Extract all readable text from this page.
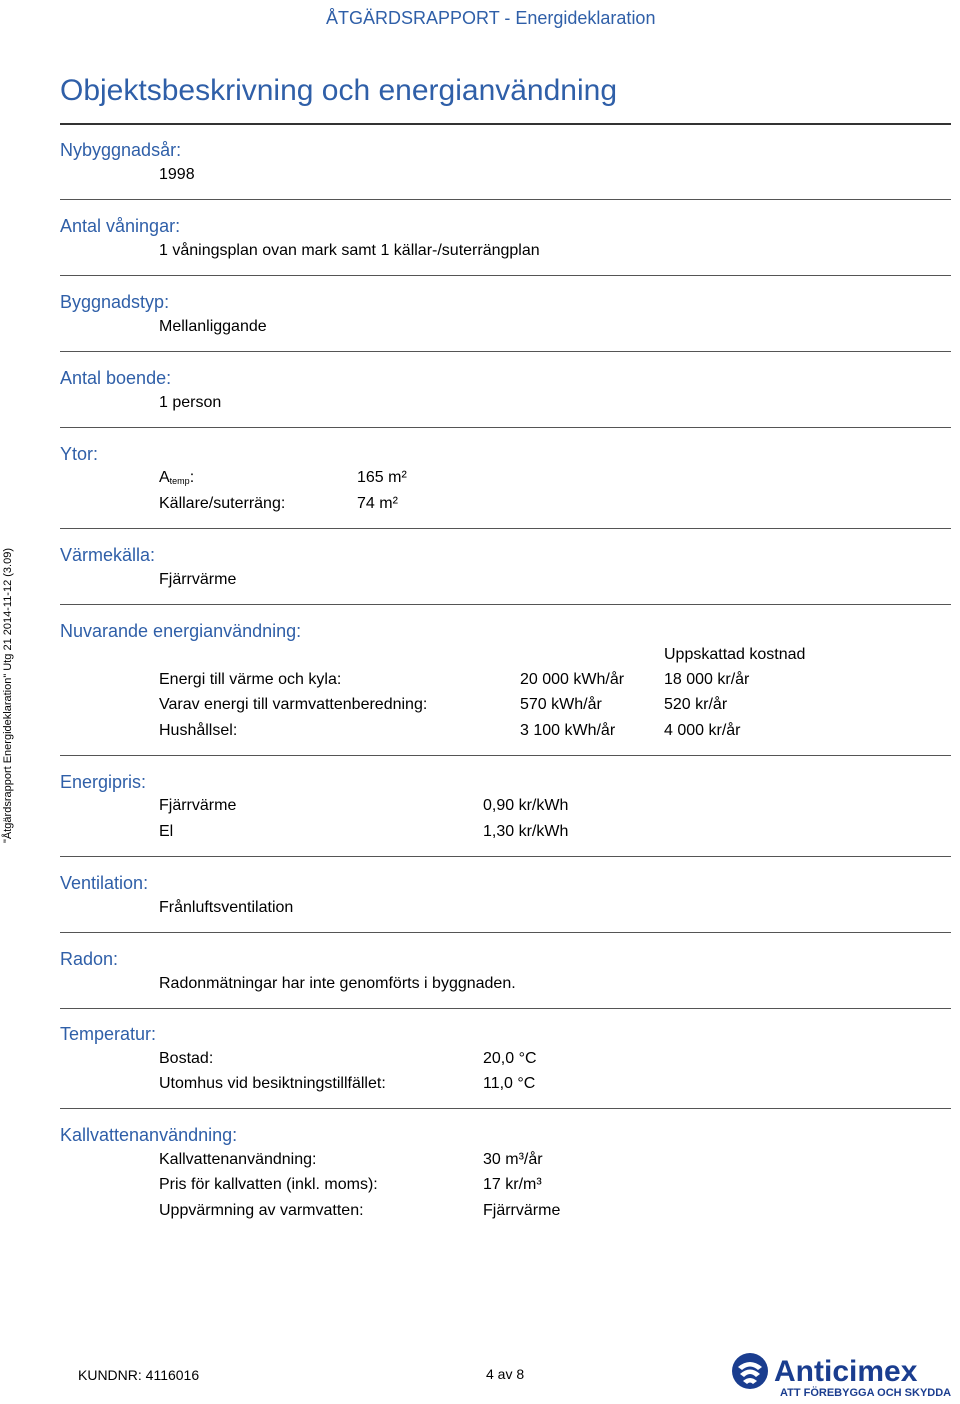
ÅTGÄRDSRAPPORT - Energideklaration
Objektsbeskrivning och energianvändning
"Åtgärdsrapport Energideklaration" Utg 21 2014-11-12 (3.09)
Nybyggnadsår:
1998
Antal våningar:
1 våningsplan ovan mark samt 1 källar-/suterrängplan
Byggnadstyp:
Mellanliggande
Antal boende:
1 person
Ytor:
$A_{temp}$:	165 m²
Källare/suterräng:	74 m²
Värmekälla:
Fjärrvärme
Nuvarande energianvändning:
Uppskattad kostnad
Energi till värme och kyla:	20 000 kWh/år 18 000 kr/år
Varav energi till varmvattenberedning:	570 kWh/år	520 kr/år
Hushållsel:	3 100 kWh/år	4 000 kr/år
Energipris:
Fjärrvärme	0,90 kr/kWh
El	1,30 kr/kWh
Ventilation:
Frånluftsventilation
Radon:
Radonmätningar har inte genomförts i byggnaden.
Temperatur:
Bostad:	20,0 °C
Utomhus vid besiktningstillfället:	11,0 °C
Kallvattenanvändning:
Kallvattenanvändning:	30 m³/år
Pris för kallvatten (inkl. moms):	17 kr/m³
Uppvärmning av varmvatten:	Fjärrvärme
KUNDNR: 4116016	4 av 8	Anticimex
ATT FÖREBYGGA OCH SKYDDA
